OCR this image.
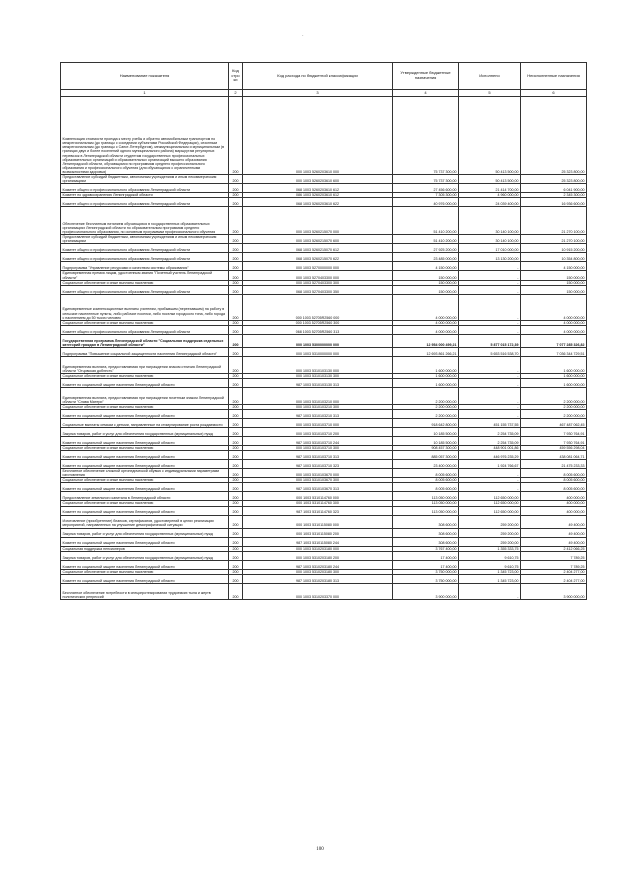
·
Наименование показателя	Код стро ки	Код расхода по бюджетной классификации	Утвержденные бюджетные назначения	Исполнено	Неисполненные назначения
1	2	3	4	5	6
Компенсация стоимости проезда к месту учебы и обратно автомобильным транспортом по межрегиональным (до границы с соседними субъектами Российской Федерации), сезонным межрегиональным (до границы с Санкт-Петербургом), межмуниципальным и муниципальным (в границах двух и более поселений одного муниципального района) маршрутам регулярных перевозок в Ленинградской области студентам государственных профессиональных образовательных организаций и образовательных организаций высшего образования Ленинградской области, обучающимся по программам среднего профессионального образования и профессионального обучения (для обучающихся с ограниченными возможностями здоровья)	200	000 1003 5260203610 000	75 737 300,00	50 413 500,00	25 323 800,00
Предоставление субсидий бюджетным, автономным учреждениям и иным некоммерческим организациям	200	000 1003 5260203610 600	75 737 300,00	50 413 500,00	25 323 800,00
Комитет общего и профессионального образования Ленинградской области	200	068 1003 5260203610 612	27 456 600,00	21 414 700,00	6 041 900,00
Комитет по здравоохранению Ленинградской области	200	086 1003 5260203610 612	7 305 300,00	4 960 000,00	2 345 300,00
Комитет общего и профессионального образования Ленинградской области	200	068 1003 5260203610 622	40 976 000,00	24 039 400,00	16 936 600,00
Обеспечение бесплатным питанием обучающихся в государственных образовательных организациях Ленинградской области по образовательным программам среднего профессионального образования, по основным программам профессионального обучения	200	000 1003 5260215070 000	51 410 200,00	30 140 100,00	21 270 100,00
Предоставление субсидий бюджетным, автономным учреждениям и иным некоммерческим организациям	200	000 1003 5260215070 600	51 410 200,00	30 140 100,00	21 270 100,00
Комитет общего и профессионального образования Ленинградской области	200	068 1003 5260215070 612	27 925 200,00	17 010 000,00	10 915 200,00
Комитет общего и профессионального образования Ленинградской области	200	068 1003 5260215070 622	23 485 000,00	13 130 200,00	10 354 800,00
Подпрограмма "Управление ресурсами и качеством системы образования"	200	000 1003 5270000000 000	4 150 000,00	-	4 150 000,00
Единовременная премия лицам, удостоенным звания "Почетный учитель Ленинградской области"	200	000 1003 5270403300 000	150 000,00	-	150 000,00
Социальное обеспечение и иные выплаты населению	200	000 1003 5270403300 300	150 000,00	-	150 000,00
Комитет общего и профессионального образования Ленинградской области	200	068 1003 5270403300 350	150 000,00	-	150 000,00
Единовременные компенсационные выплаты учителям, прибывшим (переехавшим) на работу в сельские населенные пункты, либо рабочие поселки, либо поселки городского типа, либо города с населением до 50 тысяч человек	200	000 1003 52705R2560 000	4 000 000,00	-	4 000 000,00
Социальное обеспечение и иные выплаты населению	200	000 1003 52705R2560 300	4 000 000,00	-	4 000 000,00
Комитет общего и профессионального образования Ленинградской области	200	068 1003 52705R2560 313	4 000 000,00	-	4 000 000,00
Государственная программа Ленинградской области "Социальная поддержка отдельных категорий граждан в Ленинградской области"	200	000 1003 5300000000 000	12 954 000 499,21	5 877 015 172,39	7 077 285 326,82
Подпрограмма "Повышение социальной защищенности населения Ленинградской области"	200	000 1003 5310000000 000	12 693 861 266,21	5 653 516 538,70	7 036 344 729,51
Единовременная выплата, предоставляемая при награждении знаком отличия Ленинградской области "Отцовская доблесть"	200	000 1003 5310103130 000	1 600 000,00	-	1 600 000,00
Социальное обеспечение и иные выплаты населению	200	000 1003 5310103130 300	1 600 000,00	-	1 600 000,00
Комитет по социальной защите населения Ленинградской области	200	987 1003 5310103130 313	1 600 000,00	-	1 600 000,00
Единовременная выплата, предоставляемая при награждении почетным знаком Ленинградской области "Слава Матери"	200	000 1003 5310103210 000	2 200 000,00	-	2 200 000,00
Социальное обеспечение и иные выплаты населению	200	000 1003 5310103210 300	2 200 000,00	-	2 200 000,00
Комитет по социальной защите населения Ленинградской области	200	987 1003 5310103210 313	2 200 000,00	-	2 200 000,00
Социальные выплаты семьям с детьми, направленные на стимулирование роста рождаемости	200	000 1003 5310103710 000	918 642 800,00	451 155 737,55	467 487 062,45
Закупка товаров, работ и услуг для обеспечения государственных (муниципальных) нужд	200	000 1003 5310103710 200	10 185 500,00	2 254 735,09	7 930 764,91
Комитет по социальной защите населения Ленинградской области	200	987 1003 5310103710 244	10 185 500,00	2 254 735,09	7 930 764,91
Социальное обеспечение и иные выплаты населению	200	000 1003 5310103710 300	908 457 300,00	448 901 001,86	459 556 298,04
Комитет по социальной защите населения Ленинградской области	200	987 1003 5310103710 313	885 057 300,00	446 976 235,29	438 081 064,71
Комитет по социальной защите населения Ленинградской области	200	987 1003 5310103710 323	23 400 000,00	1 924 766,67	21 475 233,33
Бесплатное обеспечение сложной ортопедической обувью с индивидуальными параметрами изготовления	200	000 1003 5310103670 000	8 005 600,00	-	8 005 600,00
Социальное обеспечение и иные выплаты населению	200	000 1003 5310103670 300	8 005 600,00	-	8 005 600,00
Комитет по социальной защите населения Ленинградской области	200	987 1003 5310103670 313	8 005 600,00	-	8 005 600,00
Предоставление земельного капитала в Ленинградской области	200	000 1003 5310114760 000	113 050 000,00	112 650 000,00	400 000,00
Социальное обеспечение и иные выплаты населению	200	000 1003 5310114760 300	113 050 000,00	112 650 000,00	400 000,00
Комитет по социальной защите населения Ленинградской области	200	987 1003 5310114760 323	113 050 000,00	112 650 000,00	400 000,00
Изготовление (приобретение) бланков, сертификатов, удостоверений в целях реализации мероприятий, направленных на улучшение демографической ситуации	200	000 1003 5310115080 000	308 600,00	259 200,00	49 400,00
Закупка товаров, работ и услуг для обеспечения государственных (муниципальных) нужд	200	000 1003 5310115080 200	308 600,00	259 200,00	49 400,00
Комитет по социальной защите населения Ленинградской области	200	987 1003 5310115080 244	308 600,00	259 200,00	49 400,00
Социальная поддержка пенсионеров	200	000 1003 5310203180 000	3 767 400,00	1 355 333,75	2 412 066,25
Закупка товаров, работ и услуг для обеспечения государственных (муниципальных) нужд	200	000 1003 5310203180 200	17 400,00	9 610,75	7 789,25
Комитет по социальной защите населения Ленинградской области	200	987 1003 5310203180 244	17 400,00	9 610,75	7 789,25
Социальное обеспечение и иные выплаты населению	200	000 1003 5310203180 300	3 750 000,00	1 345 723,00	2 404 277,00
Комитет по социальной защите населения Ленинградской области	200	987 1003 5310203180 313	3 750 000,00	1 345 723,00	2 404 277,00
Бесплатное обеспечение потребности в спецопротезировании трудоемких тыла и жертв политических репрессий	200	000 1003 5310203370 000	3 900 000,00	-	3 900 000,00
100
